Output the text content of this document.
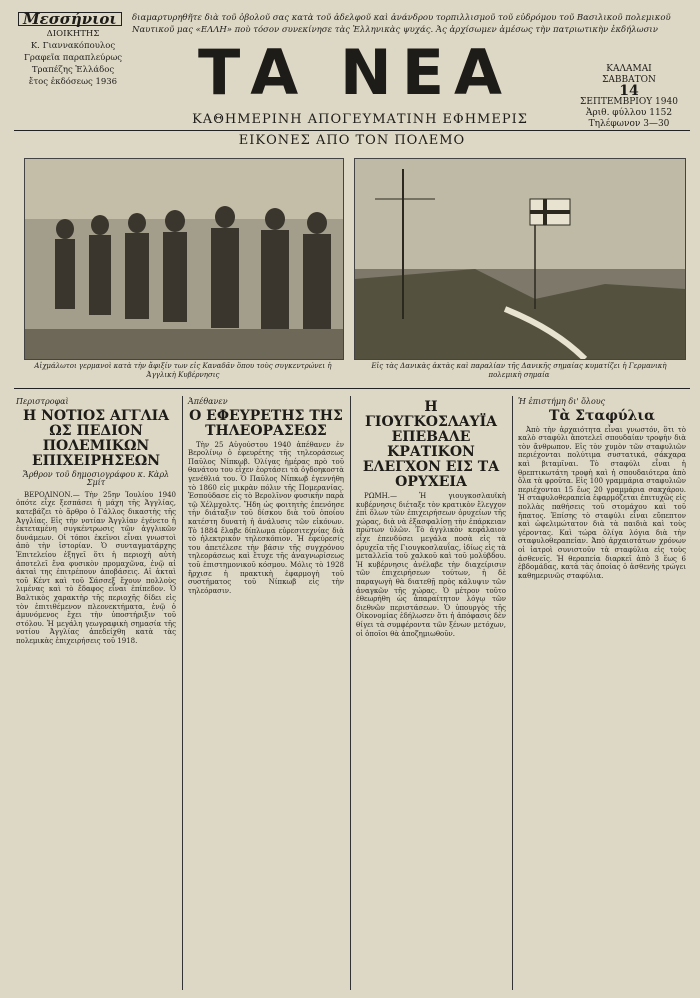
Μεσσήνιοι
ΔΙΟΙΚΗΤΗΣ
Κ. Γιαννακόπουλος
Γραφεῖα παραπλεύρως
Τραπέζης Ἑλλάδος
ἔτος ἐκδόσεως 1936
διαμαρτυρηθῆτε διὰ τοῦ ὀβολοῦ σας κατὰ τοῦ ἀδελφοῦ καὶ ἀνάνδρου τορπιλλισμοῦ τοῦ εὐδρόμου τοῦ Βασιλικοῦ πολεμικοῦ Ναυτικοῦ μας «ΕΛΛΗ» ποὺ τόσον συνεκίνησε τὰς Ἑλληνικὰς ψυχάς. Ἀς ἀρχίσωμεν ἀμέσως τὴν πατριωτικὴν ἐκδήλωσιν
ΤΑ ΝΕΑ
ΚΑΘΗΜΕΡΙΝΗ ΑΠΟΓΕΥΜΑΤΙΝΗ ΕΦΗΜΕΡΙΣ
ΚΑΛΑΜΑΙ
ΣΑΒΒΑΤΟΝ
14
ΣΕΠΤΕΜΒΡΙΟΥ 1940
Ἀριθ. φύλλου 1152
Τηλέφωνον 3—30
ΕΙΚΟΝΕΣ ΑΠΟ ΤΟΝ ΠΟΛΕΜΟ
Αἰχμάλωτοι γερμανοὶ κατὰ τὴν ἄφιξίν των εἰς Καναδᾶν ὅπου τοὺς συγκεντρώνει ἡ Ἀγγλικὴ Κυβέρνησις
Εἰς τὰς Δανικὰς ἀκτὰς καὶ παραλίαν τῆς Δανικῆς σημαίας κυματίζει ἡ Γερμανικὴ πολεμικὴ σημαία
Περιστροφαὶ
Η ΝΟΤΙΟΣ ΑΓΓΛΙΑ ΩΣ ΠΕΔΙΟΝ ΠΟΛΕΜΙΚΩΝ ΕΠΙΧΕΙΡΗΣΕΩΝ
Ἄρθρον τοῦ δημοσιογράφου κ. Κὰρλ Σμίτ

ΒΕΡΟΛΙΝΟΝ.— Τὴν 25ην Ἰουλίου 1940 ὁπότε εἶχε ξεσπάσει ἡ μάχη τῆς Ἀγγλίας, κατεβάζει τὸ ἄρθρο ὁ Γάλλος δικαστὴς τῆς Ἀγγλίας. Εἰς τὴν νοτίαν Ἀγγλίαν ἐγένετο ἡ ἐκτεταμένη συγκέντρωσις τῶν ἀγγλικῶν δυνάμεων. Οἱ τόποι ἐκεῖνοι εἶναι γνωστοὶ ἀπὸ τὴν ἱστορίαν. Ὁ συνταγματάρχης Ἐπιτελείου ἐξηγεῖ ὅτι ἡ περιοχὴ αὐτὴ ἀποτελεῖ ἕνα φυσικὸν προμαχῶνα, ἐνῷ αἱ ἀκταὶ της ἐπιτρέπουν ἀποβάσεις. Αἱ ἀκταὶ τοῦ Κέντ καὶ τοῦ Σάσσεξ ἔχουν πολλοὺς λιμένας καὶ τὸ ἔδαφος εἶναι ἐπίπεδον. Ὁ Βαλτικὸς χαρακτὴρ τῆς περιοχῆς δίδει εἰς τὸν ἐπιτιθέμενον πλεονεκτήματα, ἐνῷ ὁ ἀμυνόμενος ἔχει τὴν ὑποστήριξιν τοῦ στόλου. Ἡ μεγάλη γεωγραφικὴ σημασία τῆς νοτίου Ἀγγλίας ἀπεδείχθη κατὰ τὰς πολεμικὰς ἐπιχειρήσεις τοῦ 1918.

Ἀπέθανεν
Ο ΕΦΕΥΡΕΤΗΣ ΤΗΣ ΤΗΛΕΟΡΑΣΕΩΣ

Τὴν 25 Αὐγούστου 1940 ἀπέθανεν ἐν Βερολίνῳ ὁ ἐφευρέτης τῆς τηλεοράσεως Παῦλος Νίπκωβ. Ὀλίγας ἡμέρας πρὸ τοῦ θανάτου του εἶχεν ἑορτάσει τὰ ὀγδοηκοστὰ γενέθλιά του. Ὁ Παῦλος Νίπκωβ ἐγεννήθη τὸ 1860 εἰς μικρὰν πόλιν τῆς Πομερανίας. Ἐσπούδασε εἰς τὸ Βερολῖνον φυσικὴν παρὰ τῷ Χέλμχολτς. Ἤδη ὡς φοιτητὴς ἐπενόησε τὴν διάταξιν τοῦ δίσκου διὰ τοῦ ὁποίου κατέστη δυνατὴ ἡ ἀνάλυσις τῶν εἰκόνων. Τὸ 1884 ἔλαβε δίπλωμα εὑρεσιτεχνίας διὰ τὸ ἠλεκτρικὸν τηλεσκόπιον. Ἡ ἐφεύρεσίς του ἀπετέλεσε τὴν βάσιν τῆς συγχρόνου τηλεοράσεως καὶ ἔτυχε τῆς ἀναγνωρίσεως τοῦ ἐπιστημονικοῦ κόσμου. Μόλις τὸ 1928 ἤρχισε ἡ πρακτικὴ ἐφαρμογὴ τοῦ συστήματος τοῦ Νίπκωβ εἰς τὴν τηλεόρασιν.

Η ΓΙΟΥΓΚΟΣΛΑΥΪΑ ΕΠΕΒΑΛΕ ΚΡΑΤΙΚΟΝ ΕΛΕΓΧΟΝ ΕΙΣ ΤΑ ΟΡΥΧΕΙΑ

ΡΩΜΗ.— Ἡ γιουγκοσλαυϊκὴ κυβέρνησις διέταξε τὸν κρατικὸν ἔλεγχον ἐπὶ ὅλων τῶν ἐπιχειρήσεων ὀρυχείων τῆς χώρας, διὰ νὰ ἐξασφαλίσῃ τὴν ἐπάρκειαν πρώτων ὑλῶν. Τὸ ἀγγλικὸν κεφάλαιον εἶχε ἐπενδύσει μεγάλα ποσὰ εἰς τὰ ὀρυχεῖα τῆς Γιουγκοσλαυΐας, ἰδίως εἰς τὰ μεταλλεῖα τοῦ χαλκοῦ καὶ τοῦ μολύβδου. Ἡ κυβέρνησις ἀνέλαβε τὴν διαχείρισιν τῶν ἐπιχειρήσεων τούτων, ἡ δὲ παραγωγὴ θὰ διατεθῇ πρὸς κάλυψιν τῶν ἀναγκῶν τῆς χώρας. Ὁ μέτρον τοῦτο ἐθεωρήθη ὡς ἀπαραίτητον λόγῳ τῶν διεθνῶν περιστάσεων. Ὁ ὑπουργὸς τῆς Οἰκονομίας ἐδήλωσεν ὅτι ἡ ἀπόφασις δὲν θίγει τὰ συμφέροντα τῶν ξένων μετόχων, οἱ ὁποῖοι θὰ ἀποζημιωθοῦν.

Ἡ ἐπιστήμη δι' ὅλους
Τὰ Σταφύλια

Ἀπὸ τὴν ἀρχαιότητα εἶναι γνωστόν, ὅτι τὸ καλὸ σταφύλι ἀποτελεῖ σπουδαίαν τροφὴν διὰ τὸν ἄνθρωπον. Εἰς τὸν χυμὸν τῶν σταφυλιῶν περιέχονται πολύτιμα συστατικά, σάκχαρα καὶ βιταμῖναι. Τὸ σταφύλι εἶναι ἡ θρεπτικωτάτη τροφὴ καὶ ἡ σπουδαιότερα ἀπὸ ὅλα τὰ φροῦτα. Εἰς 100 γραμμάρια σταφυλιῶν περιέχονται 15 ἕως 20 γραμμάρια σακχάρου. Ἡ σταφυλοθεραπεία ἐφαρμόζεται ἐπιτυχῶς εἰς πολλὰς παθήσεις τοῦ στομάχου καὶ τοῦ ἥπατος. Ἐπίσης τὸ σταφύλι εἶναι εὔπεπτον καὶ ὠφελιμώτατον διὰ τὰ παιδιὰ καὶ τοὺς γέροντας. Καὶ τώρα ὀλίγα λόγια διὰ τὴν σταφυλοθεραπείαν. Ἀπὸ ἀρχαιοτάτων χρόνων οἱ ἰατροὶ συνιστοῦν τὰ σταφύλια εἰς τοὺς ἀσθενεῖς. Ἡ θεραπεία διαρκεῖ ἀπὸ 3 ἕως 6 ἑβδομάδας, κατὰ τὰς ὁποίας ὁ ἀσθενὴς τρώγει καθημερινῶς σταφύλια.
